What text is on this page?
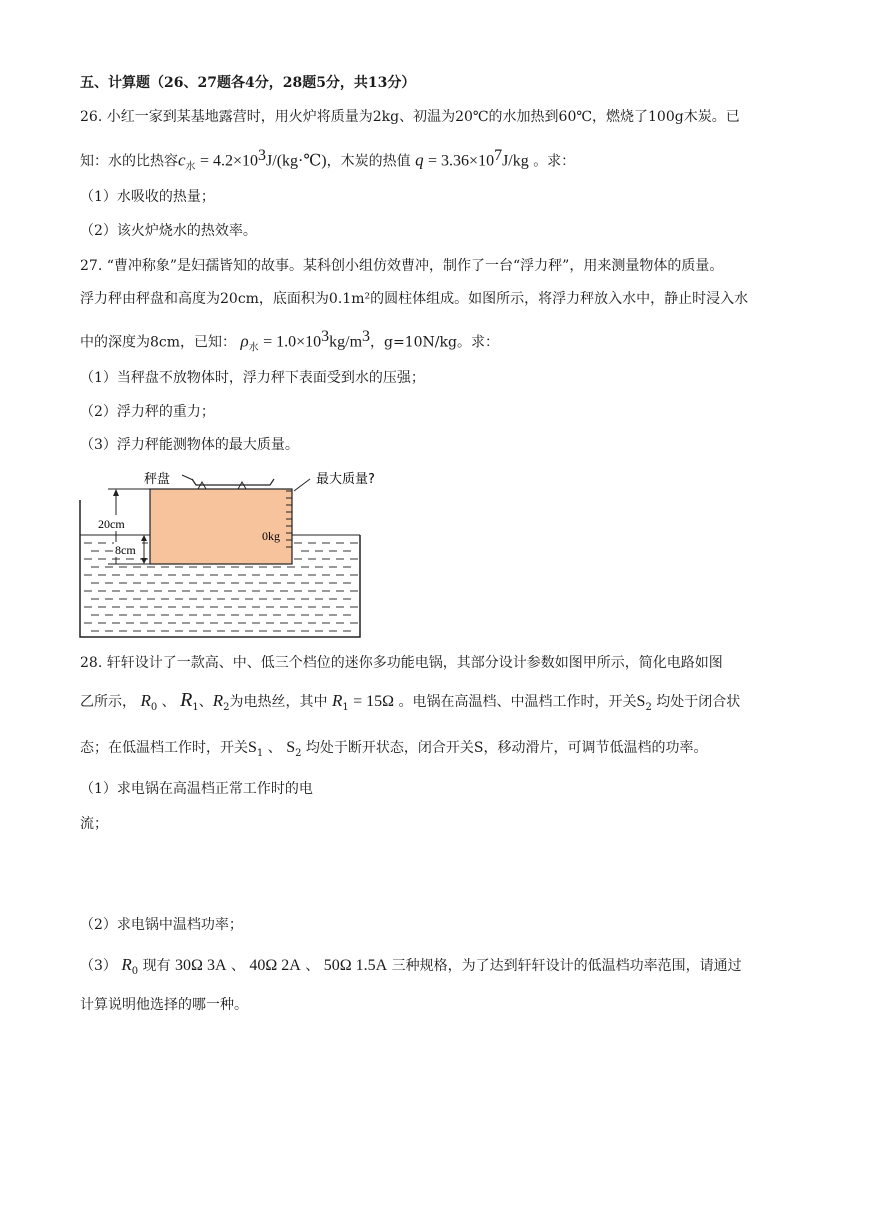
五、计算题（26、27题各4分，28题5分，共13分）
26. 小红一家到某基地露营时，用火炉将质量为2kg、初温为20℃的水加热到60℃，燃烧了100g木炭。已
知：水的比热容$c_水$ = $4.2\times 10^3J/(kg\cdot℃)$，木炭的热值 $q = 3.36\times 10^7J/kg$ 。求：
（1）水吸收的热量；
（2）该火炉烧水的热效率。
27. “曹冲称象”是妇孺皆知的故事。某科创小组仿效曹冲，制作了一台“浮力秤”，用来测量物体的质量。
浮力秤由秤盘和高度为20cm，底面积为0.1m²的圆柱体组成。如图所示，将浮力秤放入水中，静止时浸入水
中的深度为8cm，已知： $\rho_水 = 1.0\times 10^3kg/m^3$，g=10N/kg。求：
（1）当秤盘不放物体时，浮力秤下表面受到水的压强；
（2）浮力秤的重力；
（3）浮力秤能测物体的最大质量。
秤盘	最大质量?
0kg
20cm
8cm
28. 轩轩设计了一款高、中、低三个档位的迷你多功能电锅，其部分设计参数如图甲所示，简化电路如图
乙所示， $R_0$ 、 $R_1$、$R_2$为电热丝，其中 $R_1 = 15\Omega$ 。电锅在高温档、中温档工作时，开关$S_2$ 均处于闭合状
态；在低温档工作时，开关$S_1$ 、 $S_2$ 均处于断开状态，闭合开关S，移动滑片，可调节低温档的功率。
（1）求电锅在高温档正常工作时的电
流；
（2）求电锅中温档功率；
（3） $R_0$ 现有 30Ω 3A 、 40Ω 2A 、 50Ω 1.5A 三种规格，为了达到轩轩设计的低温档功率范围，请通过
计算说明他选择的哪一种。
